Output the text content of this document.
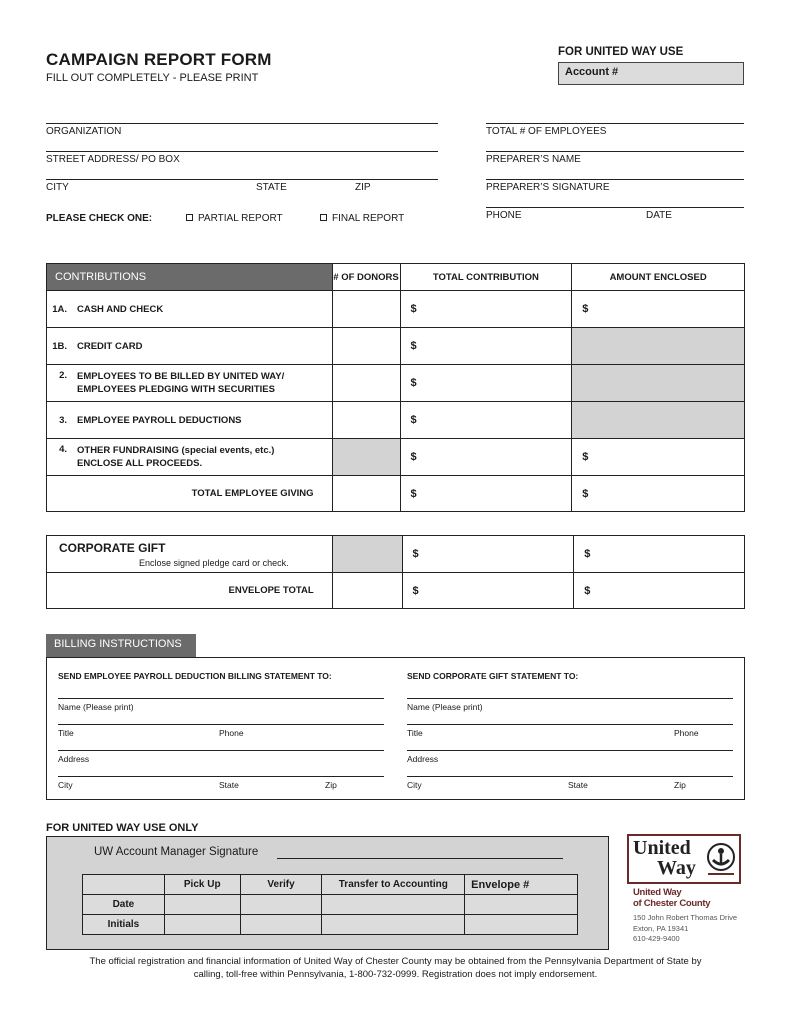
CAMPAIGN REPORT FORM
FILL OUT COMPLETELY - PLEASE PRINT
FOR UNITED WAY USE
Account #
ORGANIZATION
STREET ADDRESS/ PO BOX
CITY	STATE	ZIP
PLEASE CHECK ONE:	PARTIAL REPORT	FINAL REPORT
TOTAL # OF EMPLOYEES
PREPARER’S NAME
PREPARER’S SIGNATURE
PHONE	DATE
CONTRIBUTIONS	# OF DONORS	TOTAL CONTRIBUTION	AMOUNT ENCLOSED
1A. CASH AND CHECK		$	$
1B. CREDIT CARD		$	

2. EMPLOYEES TO BE BILLED BY UNITED WAY/
EMPLOYEES PLEDGING WITH SECURITIES		$	
3. EMPLOYEE PAYROLL DEDUCTIONS		$	

4. OTHER FUNDRAISING (special events, etc.)
ENCLOSE ALL PROCEEDS.		$	$
TOTAL EMPLOYEE GIVING		$	$
CORPORATE GIFT
Enclose signed pledge card or check.		$	$
ENVELOPE TOTAL		$	$
BILLING INSTRUCTIONS
SEND EMPLOYEE PAYROLL DEDUCTION BILLING STATEMENT TO:	SEND CORPORATE GIFT STATEMENT TO:
Name (Please print)
Title	Phone
Address
City	State	Zip
Name (Please print)
Title	Phone
Address
City	State	Zip
FOR UNITED WAY USE ONLY
UW Account Manager Signature
	Pick Up	Verify	Transfer to Accounting	Envelope #
Date				
Initials				
United
Way
United Way
of Chester County
150 John Robert Thomas Drive
Exton, PA 19341
610-429-9400
The official registration and financial information of United Way of Chester County may be obtained from the Pennsylvania Department of State by
calling, toll-free within Pennsylvania, 1-800-732-0999. Registration does not imply endorsement.
